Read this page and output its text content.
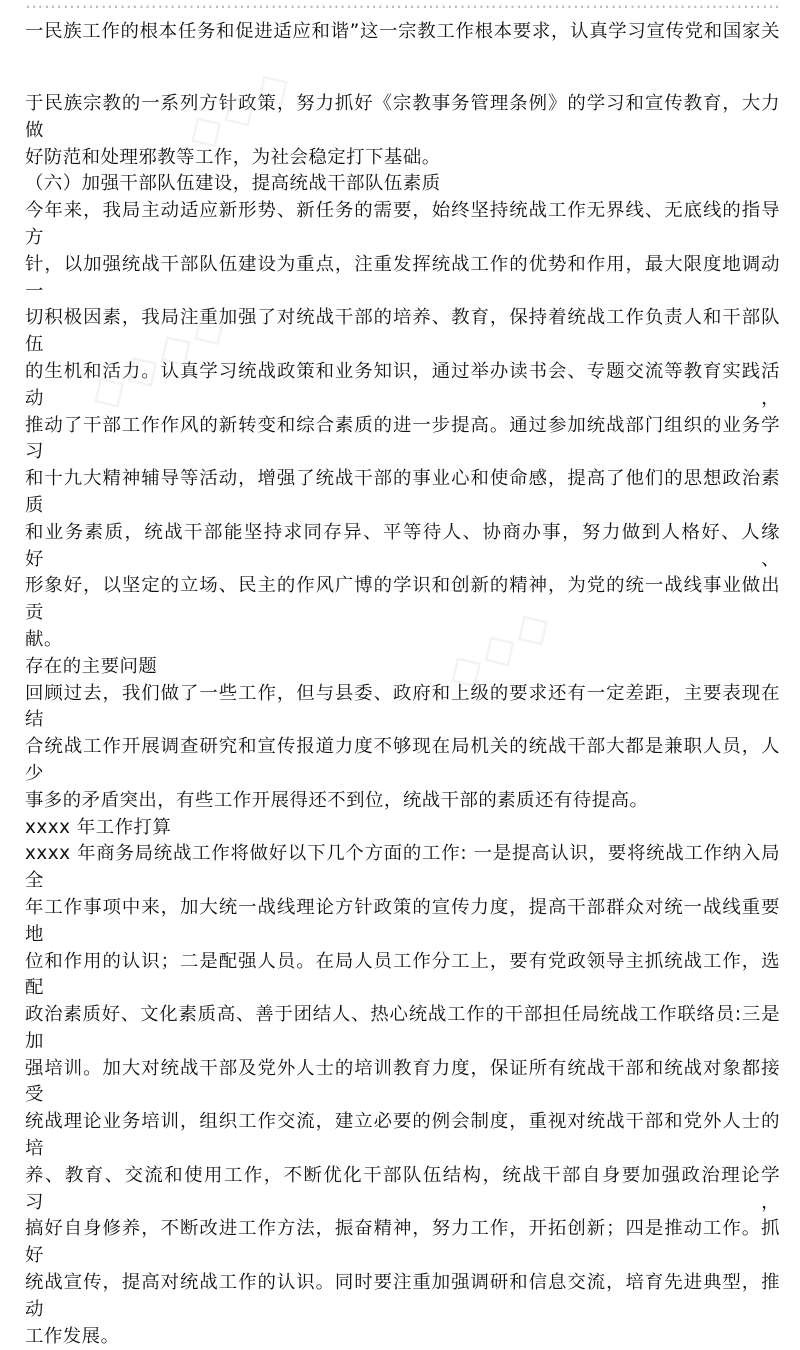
…………………………………………………………………………………………………………
一民族工作的根本任务和促进适应和谐”这一宗教工作根本要求，认真学习宣传党和国家关
于民族宗教的一系列方针政策，努力抓好《宗教事务管理条例》的学习和宣传教育，大力做
好防范和处理邪教等工作，为社会稳定打下基础。
（六）加强干部队伍建设，提高统战干部队伍素质
今年来，我局主动适应新形势、新任务的需要，始终坚持统战工作无界线、无底线的指导方
针，以加强统战干部队伍建设为重点，注重发挥统战工作的优势和作用，最大限度地调动一
切积极因素，我局注重加强了对统战干部的培养、教育，保持着统战工作负责人和干部队伍
的生机和活力。认真学习统战政策和业务知识，通过举办读书会、专题交流等教育实践活动，
推动了干部工作作风的新转变和综合素质的进一步提高。通过参加统战部门组织的业务学习
和十九大精神辅导等活动，增强了统战干部的事业心和使命感，提高了他们的思想政治素质
和业务素质，统战干部能坚持求同存异、平等待人、协商办事，努力做到人格好、人缘好、
形象好，以坚定的立场、民主的作风广博的学识和创新的精神，为党的统一战线事业做出贡
献。
存在的主要问题
回顾过去，我们做了一些工作，但与县委、政府和上级的要求还有一定差距，主要表现在结
合统战工作开展调查研究和宣传报道力度不够现在局机关的统战干部大都是兼职人员，人少
事多的矛盾突出，有些工作开展得还不到位，统战干部的素质还有待提高。
xxxx 年工作打算
xxxx 年商务局统战工作将做好以下几个方面的工作: 一是提高认识，要将统战工作纳入局全
年工作事项中来，加大统一战线理论方针政策的宣传力度，提高干部群众对统一战线重要地
位和作用的认识；二是配强人员。在局人员工作分工上，要有党政领导主抓统战工作，选配
政治素质好、文化素质高、善于团结人、热心统战工作的干部担任局统战工作联络员:三是加
强培训。加大对统战干部及党外人士的培训教育力度，保证所有统战干部和统战对象都接受
统战理论业务培训，组织工作交流，建立必要的例会制度，重视对统战干部和党外人士的培
养、教育、交流和使用工作，不断优化干部队伍结构，统战干部自身要加强政治理论学习，
搞好自身修养，不断改进工作方法，振奋精神，努力工作，开拓创新；四是推动工作。抓好
统战宣传，提高对统战工作的认识。同时要注重加强调研和信息交流，培育先进典型，推动
工作发展。
◇◇◇
◇◇◇◇
◇◇◇
